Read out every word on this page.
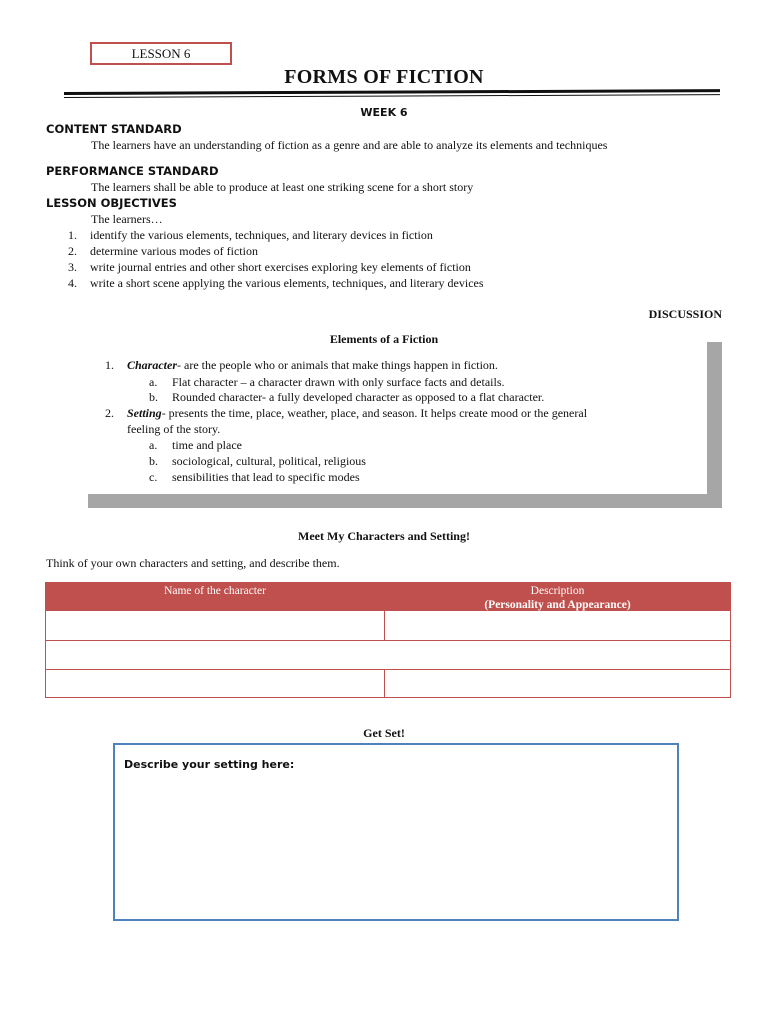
LESSON 6
FORMS OF FICTION
WEEK 6
CONTENT STANDARD
The learners have an understanding of fiction as a genre and are able to analyze its elements and techniques
PERFORMANCE STANDARD
The learners shall be able to produce at least one striking scene for a short story
LESSON OBJECTIVES
The learners…
1. identify the various elements, techniques, and literary devices in fiction
2. determine various modes of fiction
3. write journal entries and other short exercises exploring key elements of fiction
4. write a short scene applying the various elements, techniques, and literary devices
DISCUSSION
Elements of a Fiction
1. Character- are the people who or animals that make things happen in fiction.
a. Flat character – a character drawn with only surface facts and details.
b. Rounded character- a fully developed character as opposed to a flat character.
2. Setting- presents the time, place, weather, place, and season. It helps create mood or the general
feeling of the story.
a. time and place
b. sociological, cultural, political, religious
c. sensibilities that lead to specific modes
Meet My Characters and Setting!
Think of your own characters and setting, and describe them.
Name of the character	Description
(Personality and Appearance)
Get Set!
Describe your setting here:
